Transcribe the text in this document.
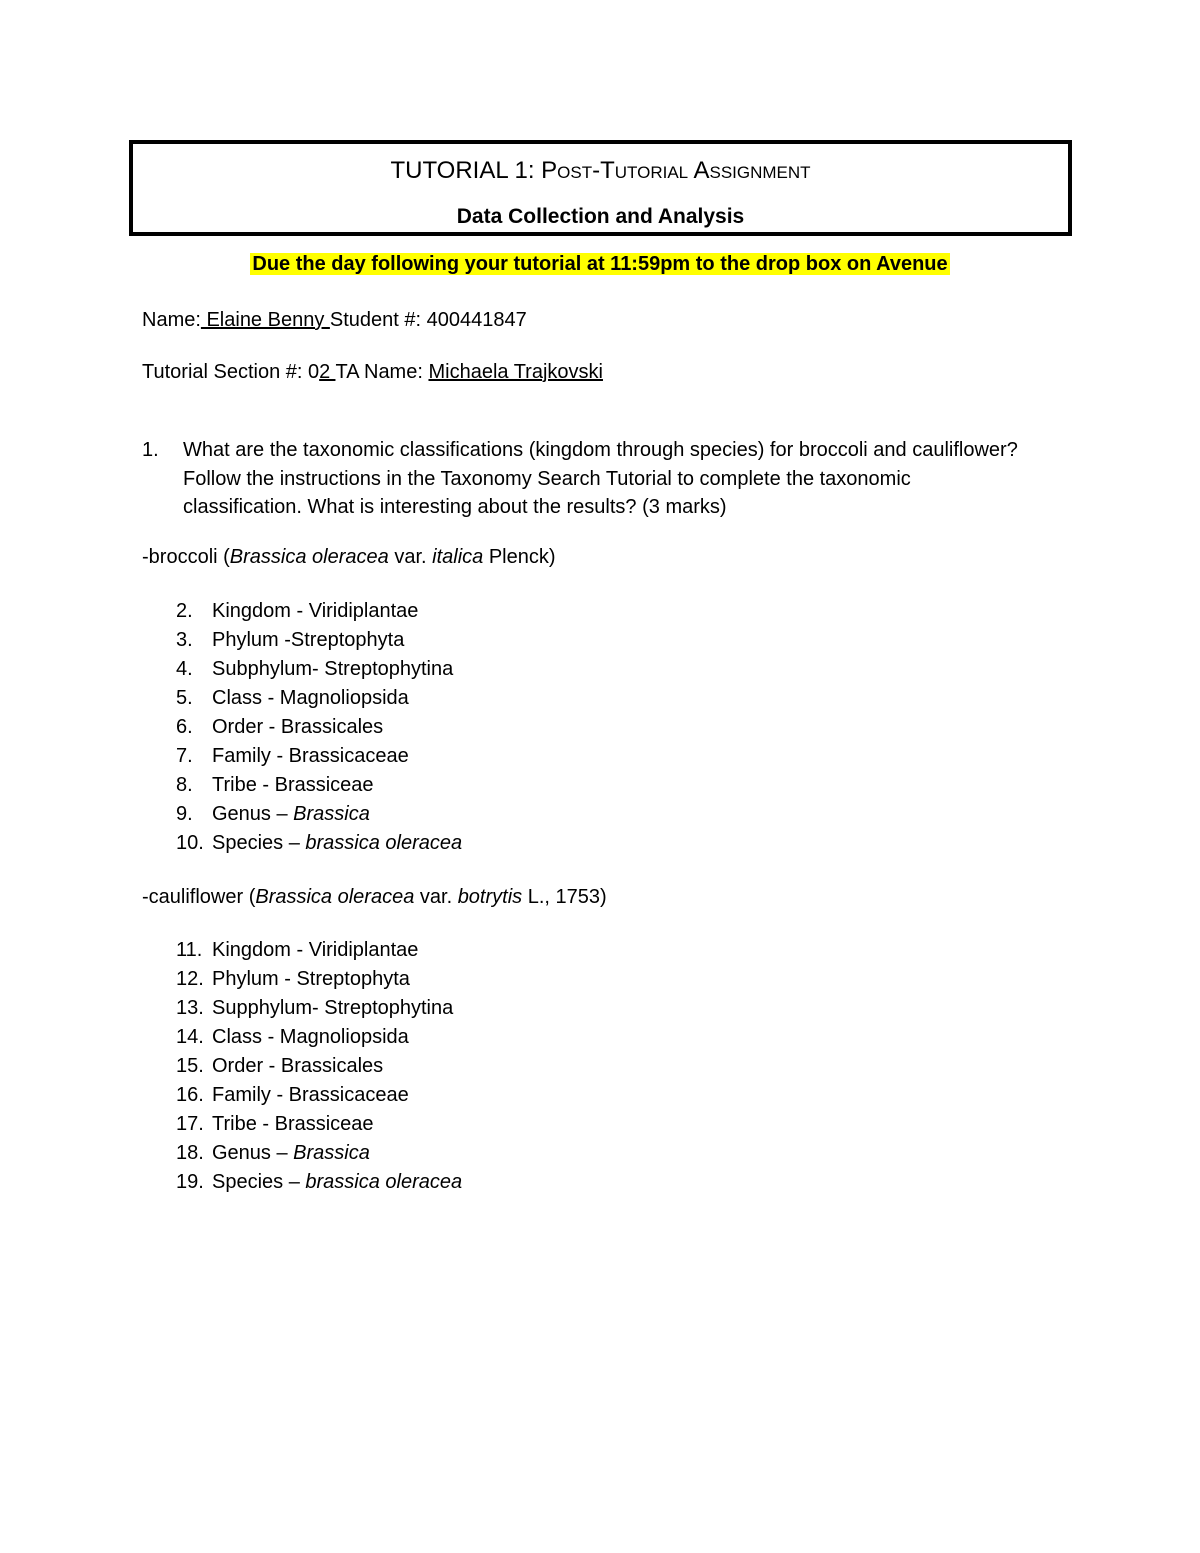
TUTORIAL 1: Post-Tutorial Assignment
Data Collection and Analysis
Due the day following your tutorial at 11:59pm to the drop box on Avenue
Name: Elaine Benny Student #: 400441847
Tutorial Section #: 02 TA Name: Michaela Trajkovski
1. What are the taxonomic classifications (kingdom through species) for broccoli and cauliflower? Follow the instructions in the Taxonomy Search Tutorial to complete the taxonomic classification. What is interesting about the results? (3 marks)
-broccoli (Brassica oleracea var. italica Plenck)
2. Kingdom - Viridiplantae
3. Phylum -Streptophyta
4. Subphylum- Streptophytina
5. Class - Magnoliopsida
6. Order - Brassicales
7. Family - Brassicaceae
8. Tribe - Brassiceae
9. Genus – Brassica
10. Species – brassica oleracea
-cauliflower (Brassica oleracea var. botrytis L., 1753)
11. Kingdom - Viridiplantae
12. Phylum - Streptophyta
13. Supphylum- Streptophytina
14. Class - Magnoliopsida
15. Order - Brassicales
16. Family - Brassicaceae
17. Tribe - Brassiceae
18. Genus – Brassica
19. Species – brassica oleracea
